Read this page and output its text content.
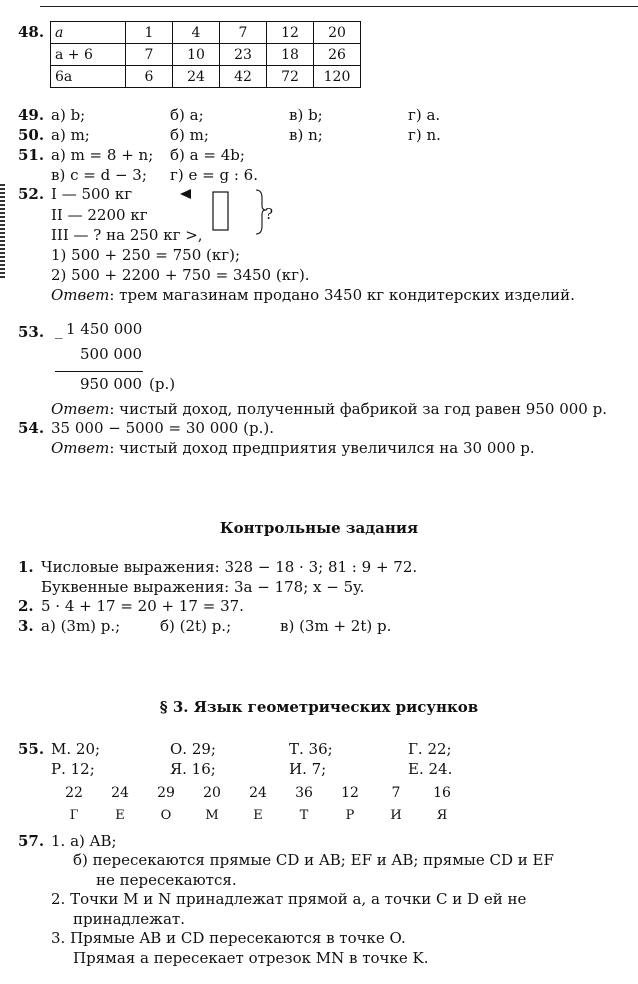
48. a	1	4	7	12	20
a + 6	7	10	23	18	26
6a	6	24	42	72	120
49. а) b;	б) a;	в) b;	г) a.
50. а) m;	б) m;	в) n;	г) n.
51. а) m = 8 + n; б) a = 4b;
в) c = d − 3; г) e = g : 6.
52. I — 500 кг
II — 2200 кг
III — ? на 250 кг >,
?
1) 500 + 250 = 750 (кг);
2) 500 + 2200 + 750 = 3450 (кг).
Ответ: трем магазинам продано 3450 кг кондитерских изделий.
53. _ 1 450 000
500 000
950 000 (р.)
Ответ: чистый доход, полученный фабрикой за год равен 950 000 р.
54. 35 000 − 5000 = 30 000 (р.).
Ответ: чистый доход предприятия увеличился на 30 000 р.
Контрольные задания
1. Числовые выражения: 328 − 18 · 3; 81 : 9 + 72.
Буквенные выражения: 3a − 178; x − 5y.
2. 5 · 4 + 17 = 20 + 17 = 37.
3. а) (3m) р.;	б) (2t) р.;	в) (3m + 2t) р.
§ 3. Язык геометрических рисунков
55. М. 20;	О. 29;	Т. 36;	Г. 22;
Р. 12;	Я. 16;	И. 7;	Е. 24.
22 24 29 20 24 36 12 7 16
Г	Е	О	М	Е	Т	Р	И	Я
57. 1. а) AB;
б) пересекаются прямые CD и AB; EF и AB; прямые CD и EF
не пересекаются.
2. Точки M и N принадлежат прямой a, а точки C и D ей не
принадлежат.
3. Прямые AB и CD пересекаются в точке O.
Прямая a пересекает отрезок MN в точке K.
